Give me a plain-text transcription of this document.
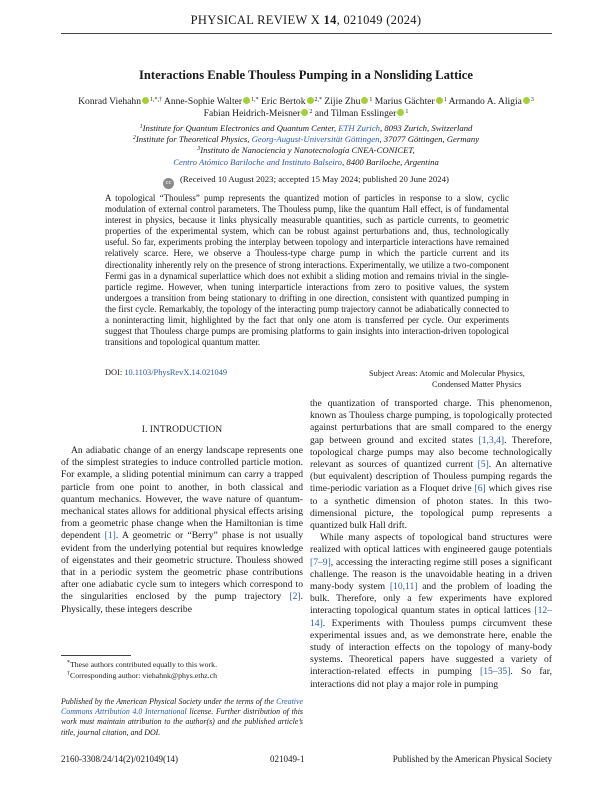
PHYSICAL REVIEW X 14, 021049 (2024)
Interactions Enable Thouless Pumping in a Nonsliding Lattice
Konrad Viehahn $^{1,*,\dagger}$ Anne-Sophie Walter $^{1,*}$ Eric Bertok $^{2,*}$ Zijie Zhu $^1$ Marius Gächter $^1$ Armando A. Aligia $^3$ Fabian Heidrich-Meisner $^2$ and Tilman Esslinger $^1$
$^1$Institute for Quantum Electronics and Quantum Center, ETH Zurich, 8093 Zurich, Switzerland
$^2$Institute for Theoretical Physics, Georg-August-Universität Göttingen, 37077 Göttingen, Germany
$^3$Instituto de Nanociencia y Nanotecnología CNEA-CONICET,
Centro Atómico Bariloche and Instituto Balseiro, 8400 Bariloche, Argentina
cc (Received 10 August 2023; accepted 15 May 2024; published 20 June 2024)
A topological “Thouless” pump represents the quantized motion of particles in response to a slow, cyclic modulation of external control parameters. The Thouless pump, like the quantum Hall effect, is of fundamental interest in physics, because it links physically measurable quantities, such as particle currents, to geometric properties of the experimental system, which can be robust against perturbations and, thus, technologically useful. So far, experiments probing the interplay between topology and interparticle interactions have remained relatively scarce. Here, we observe a Thouless-type charge pump in which the particle current and its directionality inherently rely on the presence of strong interactions. Experimentally, we utilize a two-component Fermi gas in a dynamical superlattice which does not exhibit a sliding motion and remains trivial in the single-particle regime. However, when tuning interparticle interactions from zero to positive values, the system undergoes a transition from being stationary to drifting in one direction, consistent with quantized pumping in the first cycle. Remarkably, the topology of the interacting pump trajectory cannot be adiabatically connected to a noninteracting limit, highlighted by the fact that only one atom is transferred per cycle. Our experiments suggest that Thouless charge pumps are promising platforms to gain insights into interaction-driven topological transitions and topological quantum matter.
DOI: 10.1103/PhysRevX.14.021049	Subject Areas: Atomic and Molecular Physics,
Condensed Matter Physics
I. INTRODUCTION

An adiabatic change of an energy landscape represents one of the simplest strategies to induce controlled particle motion. For example, a sliding potential minimum can carry a trapped particle from one point to another, in both classical and quantum mechanics. However, the wave nature of quantum-mechanical states allows for additional physical effects arising from a geometric phase change when the Hamiltonian is time dependent [1]. A geometric or “Berry” phase is not usually evident from the underlying potential but requires knowledge of eigenstates and their geometric structure. Thouless showed that in a periodic system the geometric phase contributions after one adiabatic cycle sum to integers which correspond to the singularities enclosed by the pump trajectory [2]. Physically, these integers describe

the quantization of transported charge. This phenomenon, known as Thouless charge pumping, is topologically protected against perturbations that are small compared to the energy gap between ground and excited states [1,3,4]. Therefore, topological charge pumps may also become technologically relevant as sources of quantized current [5]. An alternative (but equivalent) description of Thouless pumping regards the time-periodic variation as a Floquet drive [6] which gives rise to a synthetic dimension of photon states. In this two-dimensional picture, the topological pump represents a quantized bulk Hall drift.

While many aspects of topological band structures were realized with optical lattices with engineered gauge potentials [7–9], accessing the interacting regime still poses a significant challenge. The reason is the unavoidable heating in a driven many-body system [10,11] and the problem of loading the bulk. Therefore, only a few experiments have explored interacting topological quantum states in optical lattices [12–14]. Experiments with Thouless pumps circumvent these experimental issues and, as we demonstrate here, enable the study of interaction effects on the topology of many-body systems. Theoretical papers have suggested a variety of interaction-related effects in pumping [15–35]. So far, interactions did not play a major role in pumping

*These authors contributed equally to this work.
†Corresponding author: viehahnk@phys.ethz.ch
Published by the American Physical Society under the terms of the Creative Commons Attribution 4.0 International license. Further distribution of this work must maintain attribution to the author(s) and the published article’s title, journal citation, and DOI.
2160-3308/24/14(2)/021049(14)	021049-1	Published by the American Physical Society
